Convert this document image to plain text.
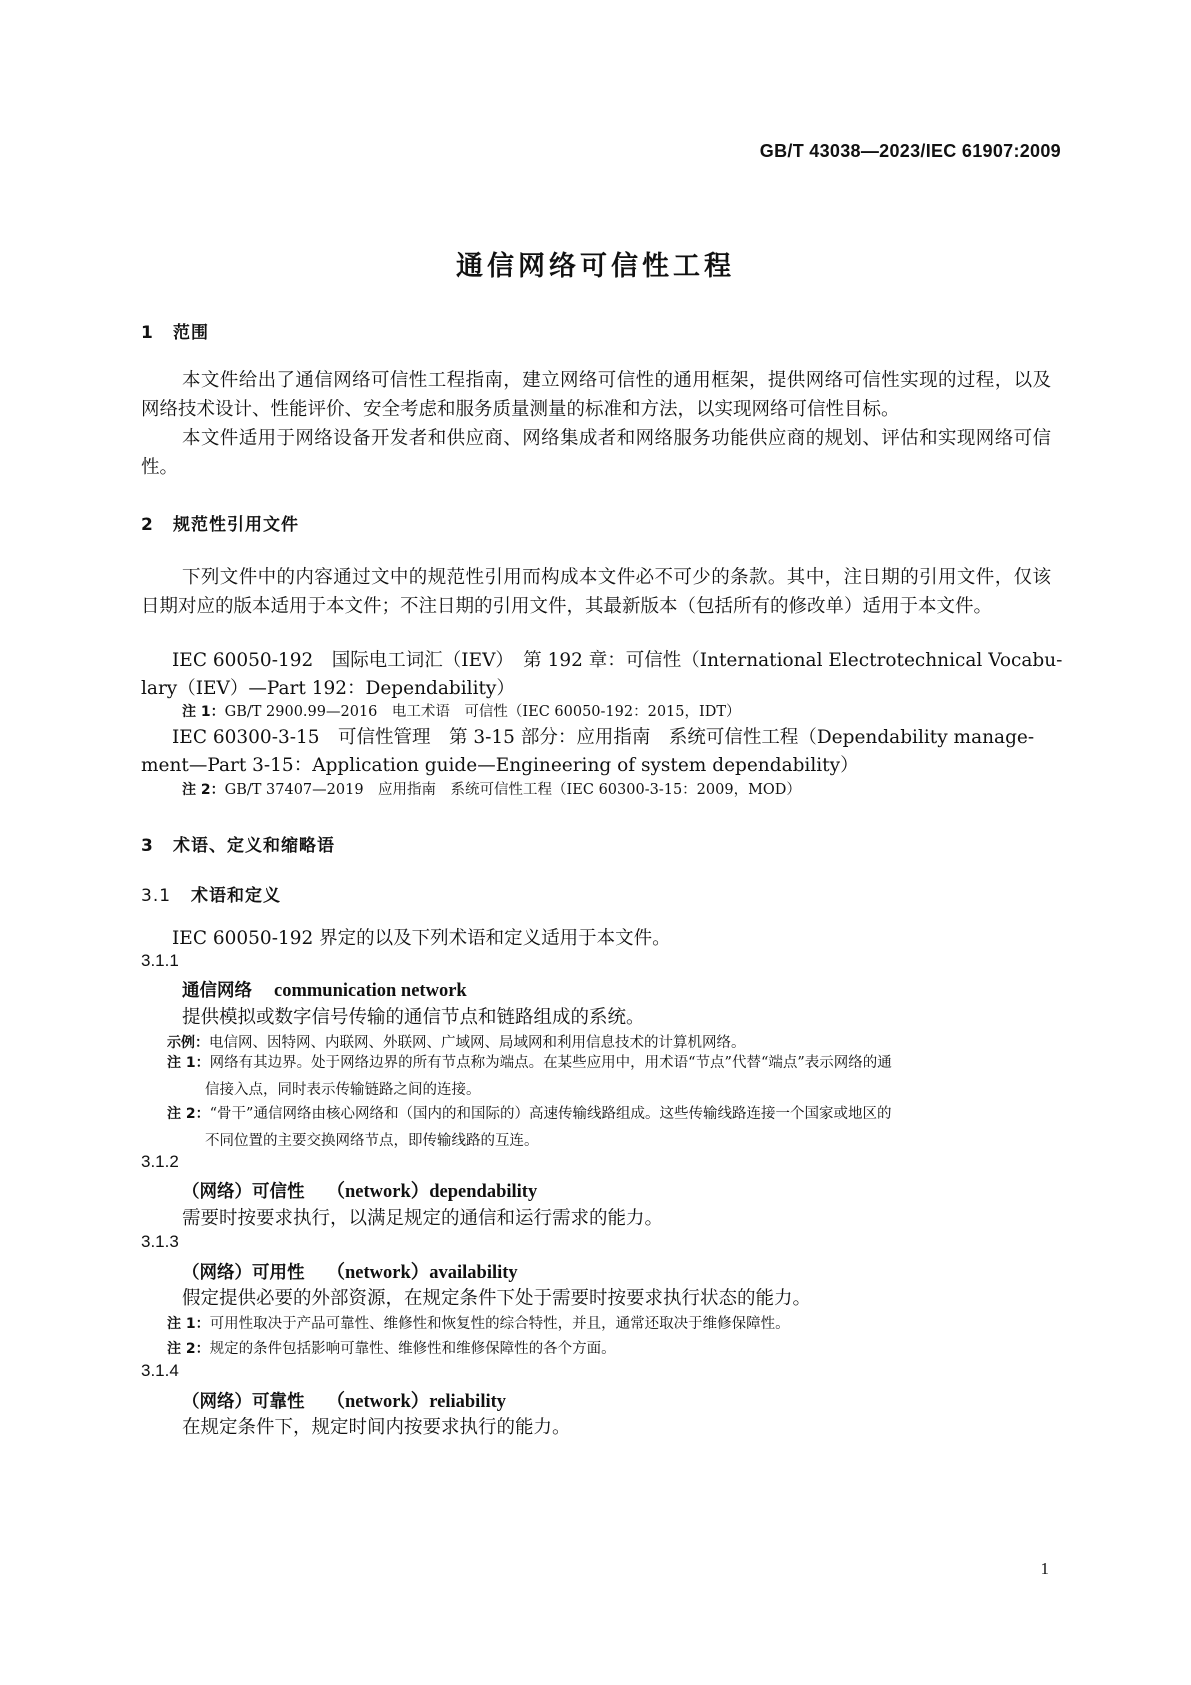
GB/T 43038—2023/IEC 61907:2009
通信网络可信性工程
1 范围

本文件给出了通信网络可信性工程指南，建立网络可信性的通用框架，提供网络可信性实现的过程，以及网络技术设计、性能评价、安全考虑和服务质量测量的标准和方法，以实现网络可信性目标。

本文件适用于网络设备开发者和供应商、网络集成者和网络服务功能供应商的规划、评估和实现网络可信性。

2 规范性引用文件

下列文件中的内容通过文中的规范性引用而构成本文件必不可少的条款。其中，注日期的引用文件，仅该日期对应的版本适用于本文件；不注日期的引用文件，其最新版本（包括所有的修改单）适用于本文件。

IEC 60050-192　国际电工词汇（IEV）　第 192 章：可信性（International Electrotechnical Vocabu-
lary（IEV）—Part 192：Dependability）
注 1：GB/T 2900.99—2016　电工术语　可信性（IEC 60050-192：2015，IDT）
IEC 60300-3-15　可信性管理　第 3-15 部分：应用指南　系统可信性工程（Dependability manage-
ment—Part 3-15：Application guide—Engineering of system dependability）
注 2：GB/T 37407—2019　应用指南　系统可信性工程（IEC 60300-3-15：2009，MOD）
3 术语、定义和缩略语
3.1 术语和定义
IEC 60050-192 界定的以及下列术语和定义适用于本文件。
3.1.1
通信网络 communication network
提供模拟或数字信号传输的通信节点和链路组成的系统。
示例：电信网、因特网、内联网、外联网、广域网、局域网和利用信息技术的计算机网络。
注 1：网络有其边界。处于网络边界的所有节点称为端点。在某些应用中，用术语“节点”代替“端点”表示网络的通
信接入点，同时表示传输链路之间的连接。
注 2：“骨干”通信网络由核心网络和（国内的和国际的）高速传输线路组成。这些传输线路连接一个国家或地区的
不同位置的主要交换网络节点，即传输线路的互连。
3.1.2
（网络）可信性 （network）dependability
需要时按要求执行，以满足规定的通信和运行需求的能力。
3.1.3
（网络）可用性 （network）availability
假定提供必要的外部资源，在规定条件下处于需要时按要求执行状态的能力。
注 1：可用性取决于产品可靠性、维修性和恢复性的综合特性，并且，通常还取决于维修保障性。
注 2：规定的条件包括影响可靠性、维修性和维修保障性的各个方面。
3.1.4
（网络）可靠性 （network）reliability
在规定条件下，规定时间内按要求执行的能力。
1
